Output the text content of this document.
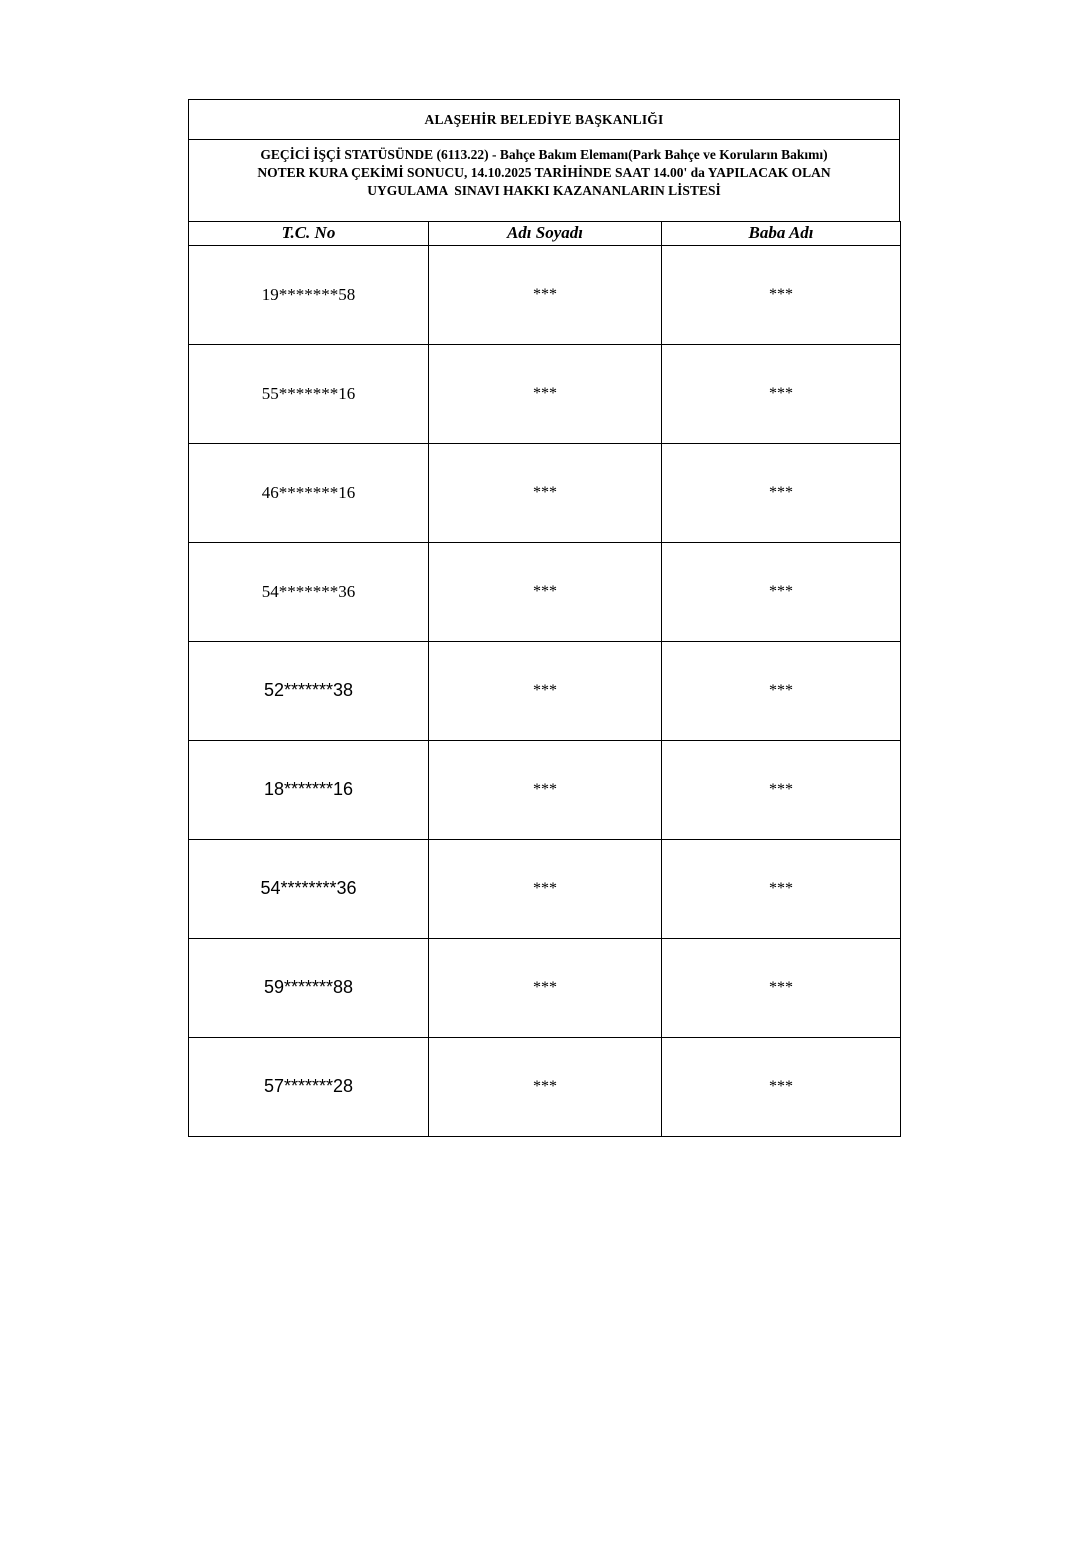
ALAŞEHİR BELEDİYE BAŞKANLIĞI
GEÇİCİ İŞÇİ STATÜSÜNDE (6113.22) - Bahçe Bakım Elemanı(Park Bahçe ve Koruların Bakımı)
NOTER KURA ÇEKİMİ SONUCU, 14.10.2025 TARİHİNDE SAAT 14.00' da YAPILACAK OLAN
UYGULAMA  SINAVI HAKKI KAZANANLARIN LİSTESİ
T.C. No	Adı Soyadı	Baba Adı
19*******58	***	***
55*******16	***	***
46*******16	***	***
54*******36	***	***
52*******38	***	***
18*******16	***	***
54********36	***	***
59*******88	***	***
57*******28	***	***
